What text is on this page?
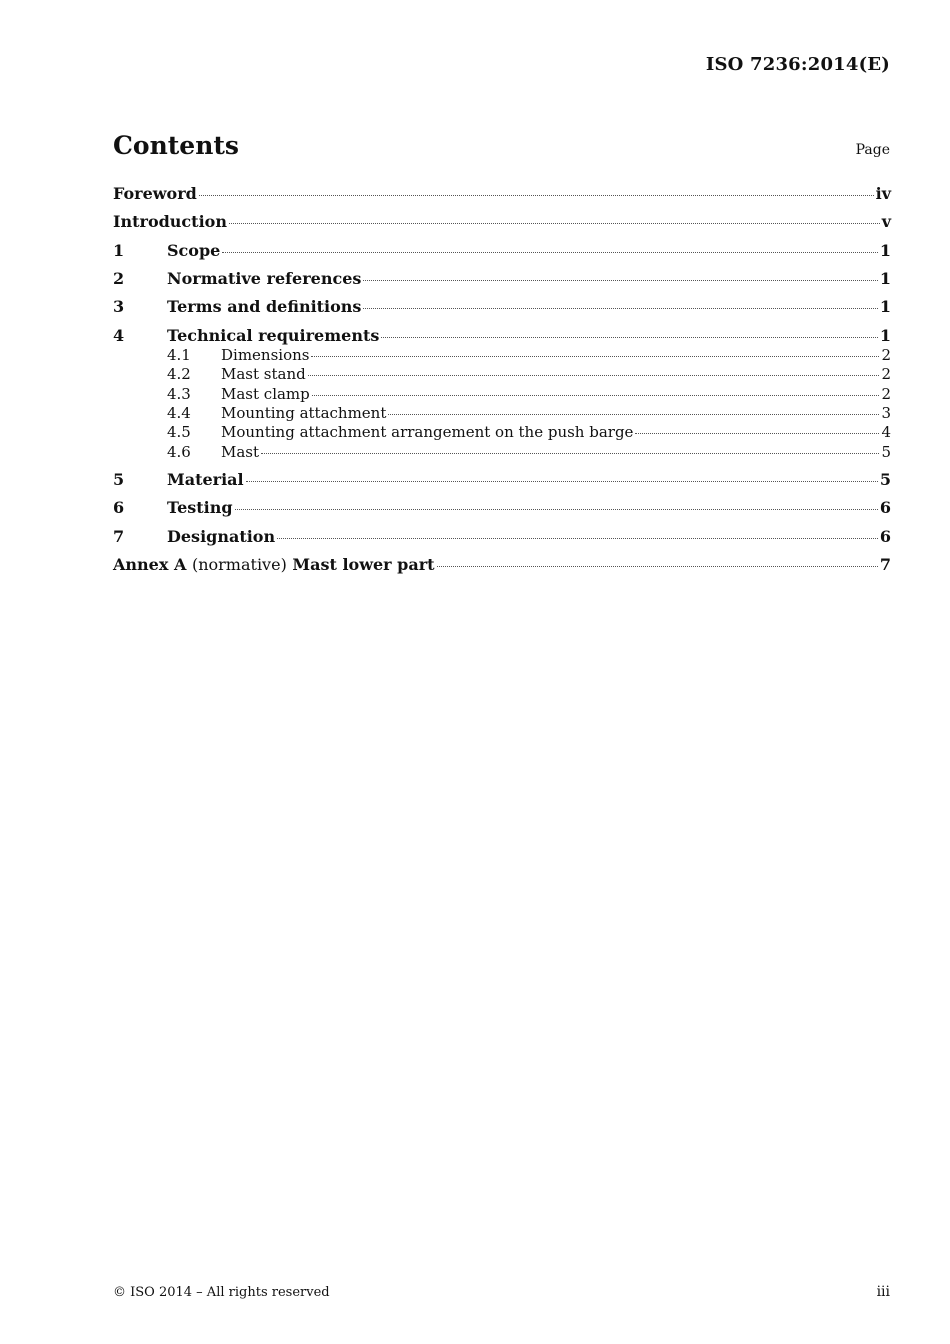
ISO 7236:2014(E)
Contents	Page
Foreword	iv
Introduction	v
1	Scope	1
2	Normative references	1
3	Terms and definitions	1
4	Technical requirements	1
4.1	Dimensions	2
4.2	Mast stand	2
4.3	Mast clamp	2
4.4	Mounting attachment	3
4.5	Mounting attachment arrangement on the push barge	4
4.6	Mast	5
5	Material	5
6	Testing	6
7	Designation	6
Annex A (normative) Mast lower part	7
© ISO 2014 – All rights reserved	iii
